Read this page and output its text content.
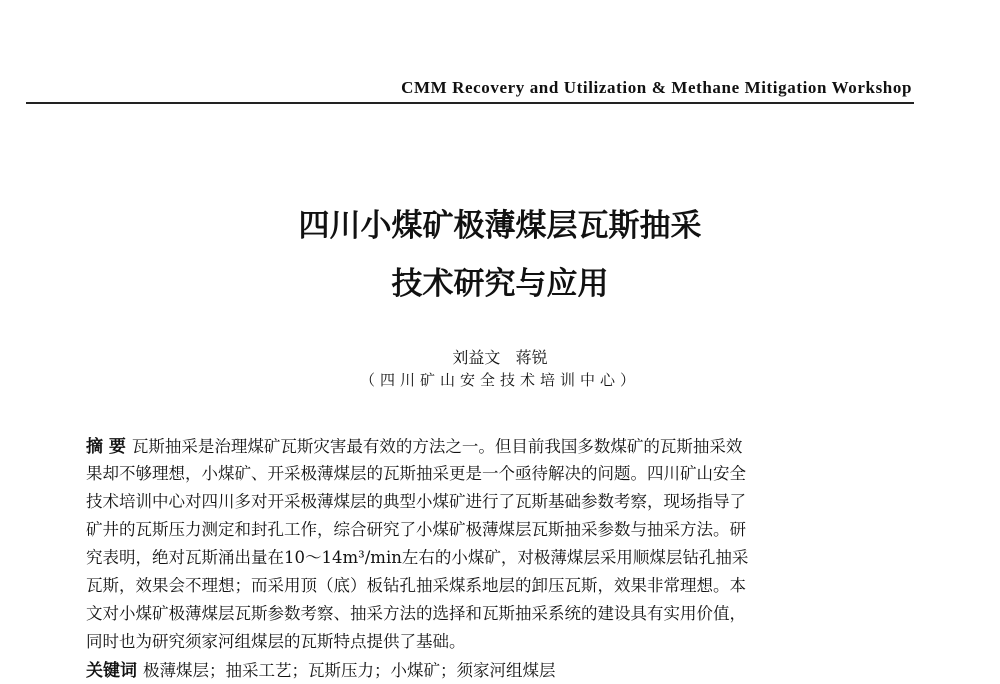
CMM Recovery and Utilization & Methane Mitigation Workshop
四川小煤矿极薄煤层瓦斯抽采
技术研究与应用
刘益文   蒋锐
（四川矿山安全技术培训中心）
摘 要 瓦斯抽采是治理煤矿瓦斯灾害最有效的方法之一。但目前我国多数煤矿的瓦斯抽采效
果却不够理想，小煤矿、开采极薄煤层的瓦斯抽采更是一个亟待解决的问题。四川矿山安全
技术培训中心对四川多对开采极薄煤层的典型小煤矿进行了瓦斯基础参数考察，现场指导了
矿井的瓦斯压力测定和封孔工作，综合研究了小煤矿极薄煤层瓦斯抽采参数与抽采方法。研
究表明，绝对瓦斯涌出量在10～14m³/min左右的小煤矿，对极薄煤层采用顺煤层钻孔抽采
瓦斯，效果会不理想；而采用顶（底）板钻孔抽采煤系地层的卸压瓦斯，效果非常理想。本
文对小煤矿极薄煤层瓦斯参数考察、抽采方法的选择和瓦斯抽采系统的建设具有实用价值，
同时也为研究须家河组煤层的瓦斯特点提供了基础。
关键词 极薄煤层；抽采工艺；瓦斯压力；小煤矿；须家河组煤层
